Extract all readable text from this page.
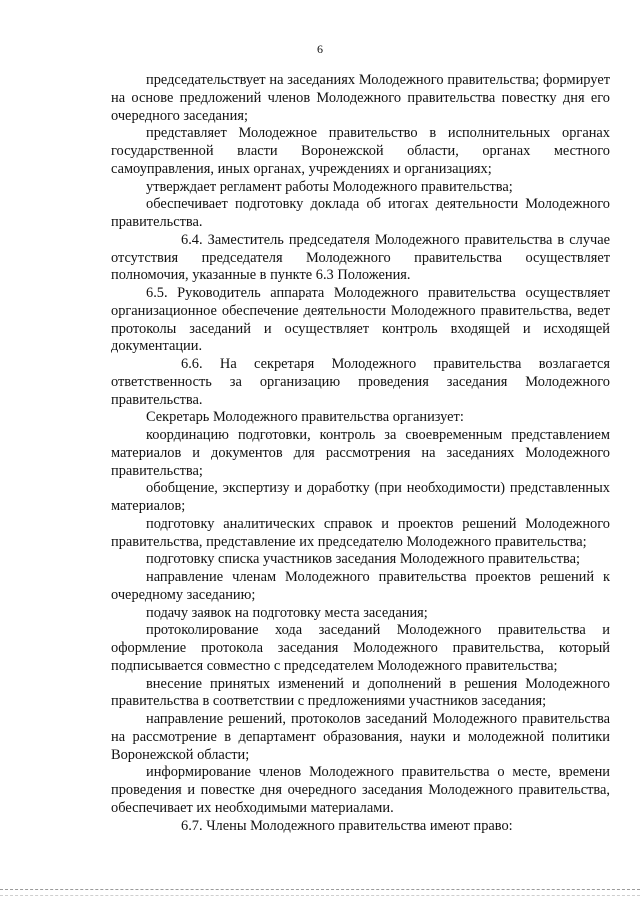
6

председательствует на заседаниях Молодежного правительства; формирует на основе предложений членов Молодежного правительства повестку дня его очередного заседания;

представляет Молодежное правительство в исполнительных органах государственной власти Воронежской области, органах местного самоуправления, иных органах, учреждениях и организациях;

утверждает регламент работы Молодежного правительства;

обеспечивает подготовку доклада об итогах деятельности Молодежного правительства.

6.4. Заместитель председателя Молодежного правительства в случае отсутствия председателя Молодежного правительства осуществляет полномочия, указанные в пункте 6.3 Положения.

6.5. Руководитель аппарата Молодежного правительства осуществляет организационное обеспечение деятельности Молодежного правительства, ведет протоколы заседаний и осуществляет контроль входящей и исходящей документации.

6.6. На секретаря Молодежного правительства возлагается ответственность за организацию проведения заседания Молодежного правительства.

Секретарь Молодежного правительства организует:

координацию подготовки, контроль за своевременным представлением материалов и документов для рассмотрения на заседаниях Молодежного правительства;

обобщение, экспертизу и доработку (при необходимости) представленных материалов;

подготовку аналитических справок и проектов решений Молодежного правительства, представление их председателю Молодежного правительства;

подготовку списка участников заседания Молодежного правительства;

направление членам Молодежного правительства проектов решений к очередному заседанию;

подачу заявок на подготовку места заседания;

протоколирование хода заседаний Молодежного правительства и оформление протокола заседания Молодежного правительства, который подписывается совместно с председателем Молодежного правительства;

внесение принятых изменений и дополнений в решения Молодежного правительства в соответствии с предложениями участников заседания;

направление решений, протоколов заседаний Молодежного правительства на рассмотрение в департамент образования, науки и молодежной политики Воронежской области;

информирование членов Молодежного правительства о месте, времени проведения и повестке дня очередного заседания Молодежного правительства, обеспечивает их необходимыми материалами.

6.7. Члены Молодежного правительства имеют право:
